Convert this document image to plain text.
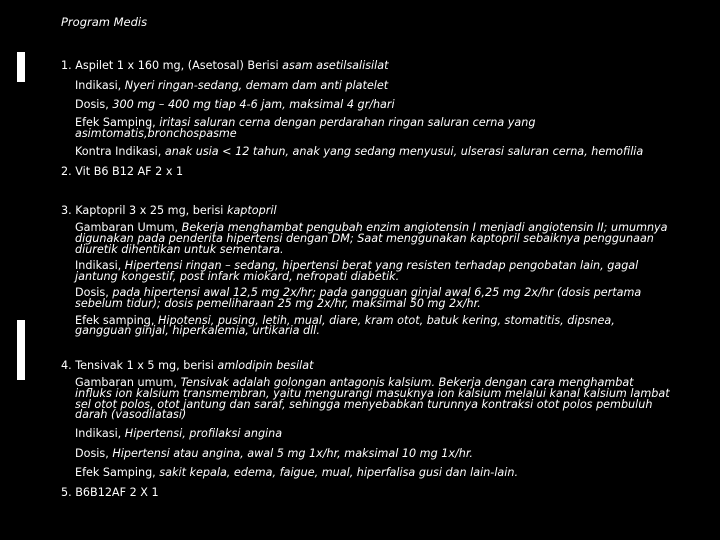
Program Medis
1. Aspilet 1 x 160 mg, (Asetosal) Berisi asam asetilsalisilat
Indikasi, Nyeri ringan-sedang, demam dam anti platelet
Dosis, 300 mg – 400 mg tiap 4-6 jam, maksimal 4 gr/hari
Efek Samping, iritasi saluran cerna dengan perdarahan ringan saluran cerna yang asimtomatis,bronchospasme
Kontra Indikasi, anak usia < 12 tahun, anak yang sedang menyusui, ulserasi saluran cerna, hemofilia
2. Vit B6 B12 AF 2 x 1
3. Kaptopril 3 x 25 mg, berisi kaptopril
Gambaran Umum, Bekerja menghambat pengubah enzim angiotensin I menjadi angiotensin II; umumnya digunakan pada penderita hipertensi dengan DM; Saat menggunakan kaptopril sebaiknya penggunaan diuretik dihentikan untuk sementara.
Indikasi, Hipertensi ringan – sedang, hipertensi berat yang resisten terhadap pengobatan lain, gagal jantung kongestif, post infark miokard, nefropati diabetik.
Dosis, pada hipertensi awal 12,5 mg 2x/hr; pada gangguan ginjal awal 6,25 mg 2x/hr (dosis pertama sebelum tidur); dosis pemeliharaan 25 mg 2x/hr, maksimal 50 mg 2x/hr.
Efek samping, Hipotensi, pusing, letih, mual, diare, kram otot, batuk kering, stomatitis, dipsnea, gangguan ginjal, hiperkalemia, urtikaria dll.
4. Tensivak 1 x 5 mg, berisi amlodipin besilat
Gambaran umum, Tensivak adalah golongan antagonis kalsium. Bekerja dengan cara menghambat influks ion kalsium transmembran, yaitu mengurangi masuknya ion kalsium melalui kanal kalsium lambat sel otot polos, otot jantung dan saraf, sehingga menyebabkan turunnya kontraksi otot polos pembuluh darah (vasodilatasi)
Indikasi, Hipertensi, profilaksi angina
Dosis, Hipertensi atau angina, awal 5 mg 1x/hr, maksimal 10 mg 1x/hr.
Efek Samping, sakit kepala, edema, faigue, mual, hiperfalisa gusi dan lain-lain.
5. B6B12AF 2 X 1
